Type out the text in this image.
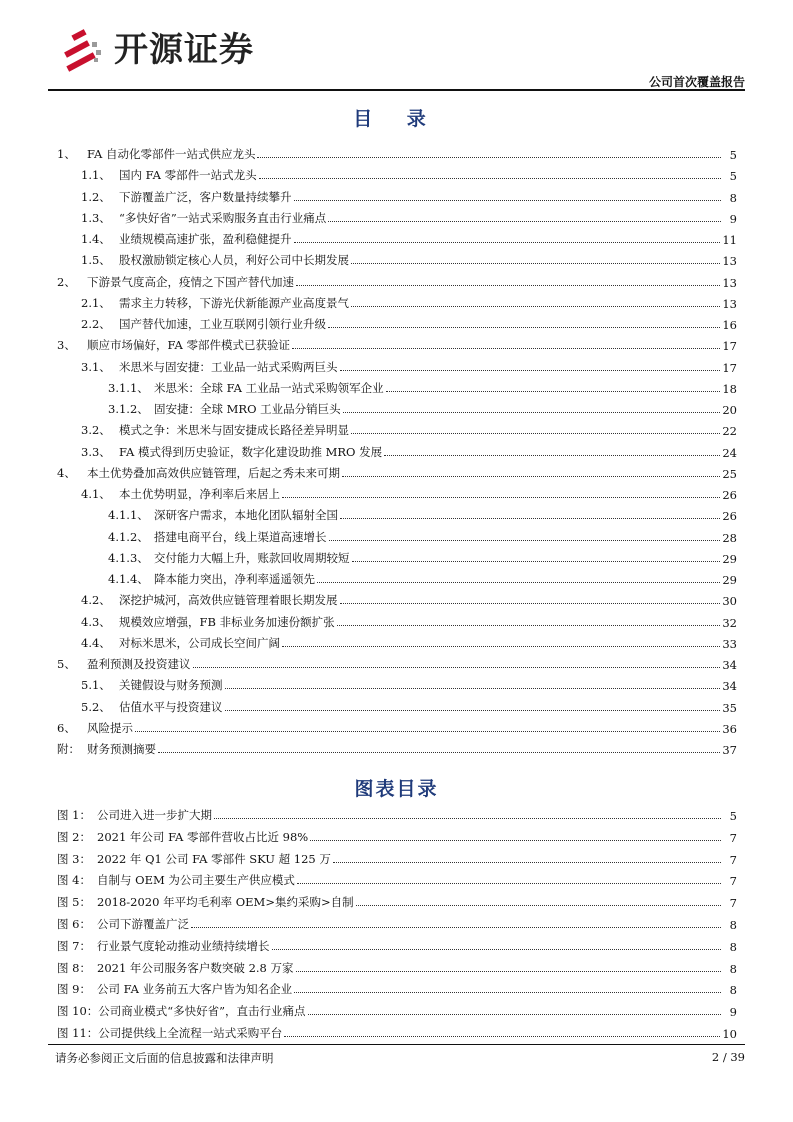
开源证券
公司首次覆盖报告
目 录
1、 FA 自动化零部件一站式供应龙头	5
1.1、 国内 FA 零部件一站式龙头	5
1.2、 下游覆盖广泛，客户数量持续攀升	8
1.3、 “多快好省”一站式采购服务直击行业痛点	9
1.4、 业绩规模高速扩张，盈利稳健提升	11
1.5、 股权激励锁定核心人员，利好公司中长期发展	13
2、 下游景气度高企，疫情之下国产替代加速	13
2.1、 需求主力转移，下游光伏新能源产业高度景气	13
2.2、 国产替代加速，工业互联网引领行业升级	16
3、 顺应市场偏好，FA 零部件模式已获验证	17
3.1、 米思米与固安捷：工业品一站式采购两巨头	17
3.1.1、 米思米：全球 FA 工业品一站式采购领军企业	18
3.1.2、 固安捷：全球 MRO 工业品分销巨头	20
3.2、 模式之争：米思米与固安捷成长路径差异明显	22
3.3、 FA 模式得到历史验证，数字化建设助推 MRO 发展	24
4、 本土优势叠加高效供应链管理，后起之秀未来可期	25
4.1、 本土优势明显，净利率后来居上	26
4.1.1、 深研客户需求，本地化团队辐射全国	26
4.1.2、 搭建电商平台，线上渠道高速增长	28
4.1.3、 交付能力大幅上升，账款回收周期较短	29
4.1.4、 降本能力突出，净利率遥遥领先	29
4.2、 深挖护城河，高效供应链管理着眼长期发展	30
4.3、 规模效应增强，FB 非标业务加速份额扩张	32
4.4、 对标米思米，公司成长空间广阔	33
5、 盈利预测及投资建议	34
5.1、 关键假设与财务预测	34
5.2、 估值水平与投资建议	35
6、 风险提示	36
附： 财务预测摘要	37
图表目录
图 1： 公司进入进一步扩大期	5
图 2： 2021 年公司 FA 零部件营收占比近 98%	7
图 3： 2022 年 Q1 公司 FA 零部件 SKU 超 125 万	7
图 4： 自制与 OEM 为公司主要生产供应模式	7
图 5： 2018-2020 年平均毛利率 OEM>集约采购>自制	7
图 6： 公司下游覆盖广泛	8
图 7： 行业景气度轮动推动业绩持续增长	8
图 8： 2021 年公司服务客户数突破 2.8 万家	8
图 9： 公司 FA 业务前五大客户皆为知名企业	8
图 10： 公司商业模式“多快好省”，直击行业痛点	9
图 11： 公司提供线上全流程一站式采购平台	10
请务必参阅正文后面的信息披露和法律声明	2 / 39
